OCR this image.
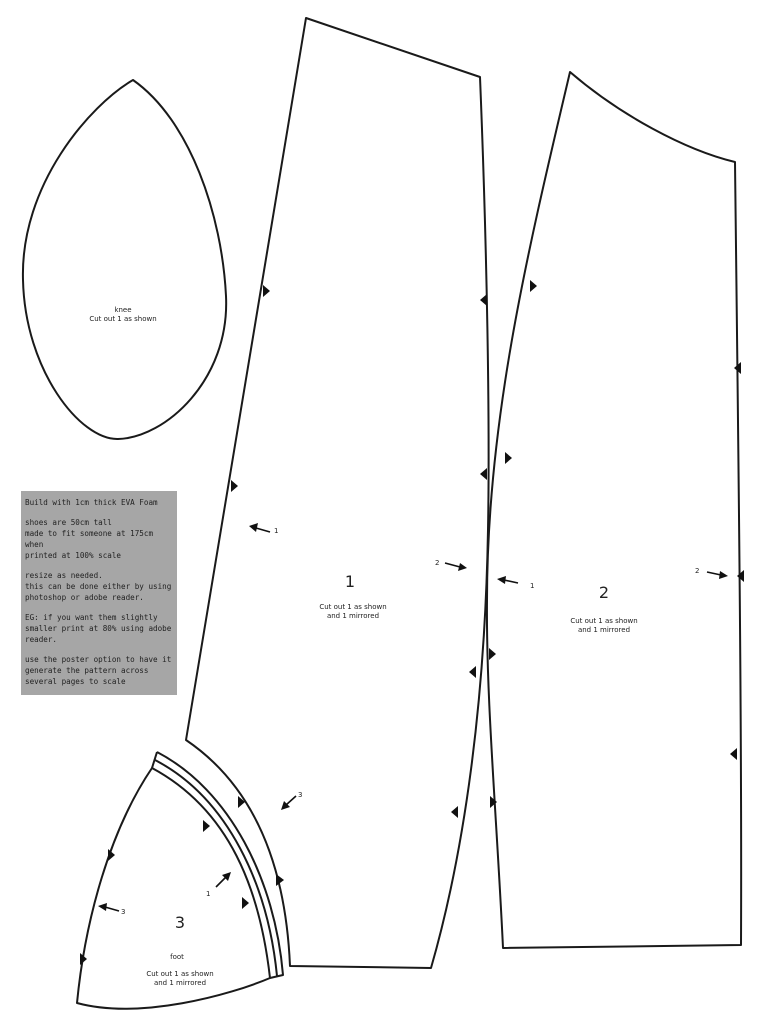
knee
Cut out 1 as shown
1
Cut out 1 as shown
and 1 mirrored
1
2
3
2
Cut out 1 as shown
and 1 mirrored
1
2
3
foot
Cut out 1 as shown
and 1 mirrored
1
3

Build with 1cm thick EVA Foam

shoes are 50cm tall
made to fit someone at 175cm when
printed at 100% scale

resize as needed.
this can be done either by using
photoshop or adobe reader.

EG: if you want them slightly
smaller print at 80% using adobe
reader.

use the poster option to have it
generate the pattern across
several pages to scale
